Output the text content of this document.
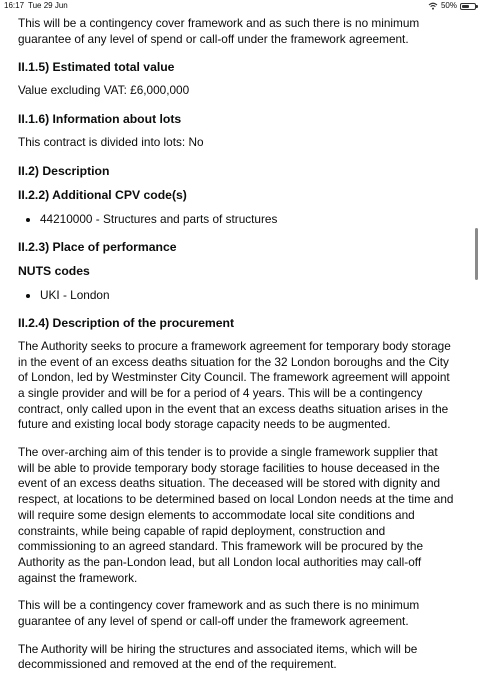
16:17 Tue 29 Jun	50%

This will be a contingency cover framework and as such there is no minimum guarantee of any level of spend or call-off under the framework agreement.

II.1.5) Estimated total value

Value excluding VAT: £6,000,000

II.1.6) Information about lots

This contract is divided into lots: No

II.2) Description
II.2.2) Additional CPV code(s)
• 44210000 - Structures and parts of structures
II.2.3) Place of performance
NUTS codes
• UKI - London
II.2.4) Description of the procurement

The Authority seeks to procure a framework agreement for temporary body storage in the event of an excess deaths situation for the 32 London boroughs and the City of London, led by Westminster City Council. The framework agreement will appoint a single provider and will be for a period of 4 years. This will be a contingency contract, only called upon in the event that an excess deaths situation arises in the future and existing local body storage capacity needs to be augmented.

The over-arching aim of this tender is to provide a single framework supplier that will be able to provide temporary body storage facilities to house deceased in the event of an excess deaths situation. The deceased will be stored with dignity and respect, at locations to be determined based on local London needs at the time and will require some design elements to accommodate local site conditions and constraints, while being capable of rapid deployment, construction and commissioning to an agreed standard. This framework will be procured by the Authority as the pan-London lead, but all London local authorities may call-off against the framework.

This will be a contingency cover framework and as such there is no minimum guarantee of any level of spend or call-off under the framework agreement.

The Authority will be hiring the structures and associated items, which will be decommissioned and removed at the end of the requirement.
